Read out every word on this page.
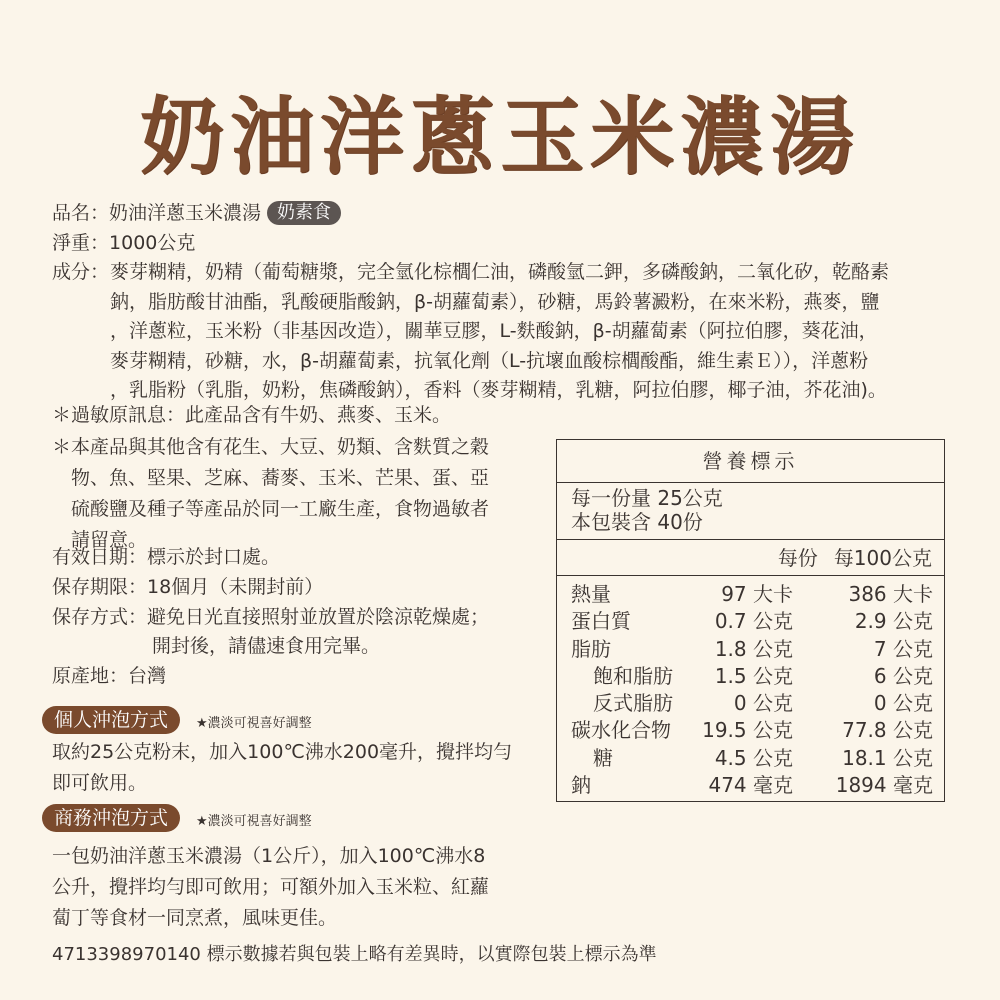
奶油洋蔥玉米濃湯
品名：奶油洋蔥玉米濃湯 奶素食
淨重：1000公克
成分： 麥芽糊精，奶精（葡萄糖漿，完全氫化棕櫚仁油，磷酸氫二鉀，多磷酸鈉，二氧化矽，乾酪素
鈉，脂肪酸甘油酯，乳酸硬脂酸鈉，β-胡蘿蔔素），砂糖，馬鈴薯澱粉，在來米粉，燕麥，鹽
，洋蔥粒，玉米粉（非基因改造），關華豆膠，L-麩酸鈉，β-胡蘿蔔素（阿拉伯膠，葵花油，
麥芽糊精，砂糖，水，β-胡蘿蔔素，抗氧化劑（L-抗壞血酸棕櫚酸酯，維生素Ｅ）），洋蔥粉
，乳脂粉（乳脂，奶粉，焦磷酸鈉），香料（麥芽糊精，乳糖，阿拉伯膠，椰子油，芥花油)。
＊過敏原訊息：此產品含有牛奶、燕麥、玉米。
＊本產品與其他含有花生、大豆、奶類、含麩質之穀
　物、魚、堅果、芝麻、蕎麥、玉米、芒果、蛋、亞
　硫酸鹽及種子等產品於同一工廠生產，食物過敏者
　請留意。
有效日期：標示於封口處。
保存期限：18個月（未開封前）
保存方式：避免日光直接照射並放置於陰涼乾燥處；
開封後，請儘速食用完畢。
原產地：台灣
個人沖泡方式	★濃淡可視喜好調整
取約25公克粉末，加入100℃沸水200毫升，攪拌均勻
即可飲用。
商務沖泡方式	★濃淡可視喜好調整
一包奶油洋蔥玉米濃湯（1公斤），加入100℃沸水8
公升，攪拌均勻即可飲用；可額外加入玉米粒、紅蘿
蔔丁等食材一同烹煮，風味更佳。
4713398970140 標示數據若與包裝上略有差異時，以實際包裝上標示為準
營養標示
每一份量 25公克
本包裝含 40份
每份 每100公克
熱量	97 大卡	386 大卡
蛋白質	0.7 公克	2.9 公克
脂肪	1.8 公克	7 公克
飽和脂肪 1.5 公克	6 公克
反式脂肪	0 公克	0 公克
碳水化合物 19.5 公克 77.8 公克
糖	4.5 公克 18.1 公克
鈉	474 毫克 1894 毫克
